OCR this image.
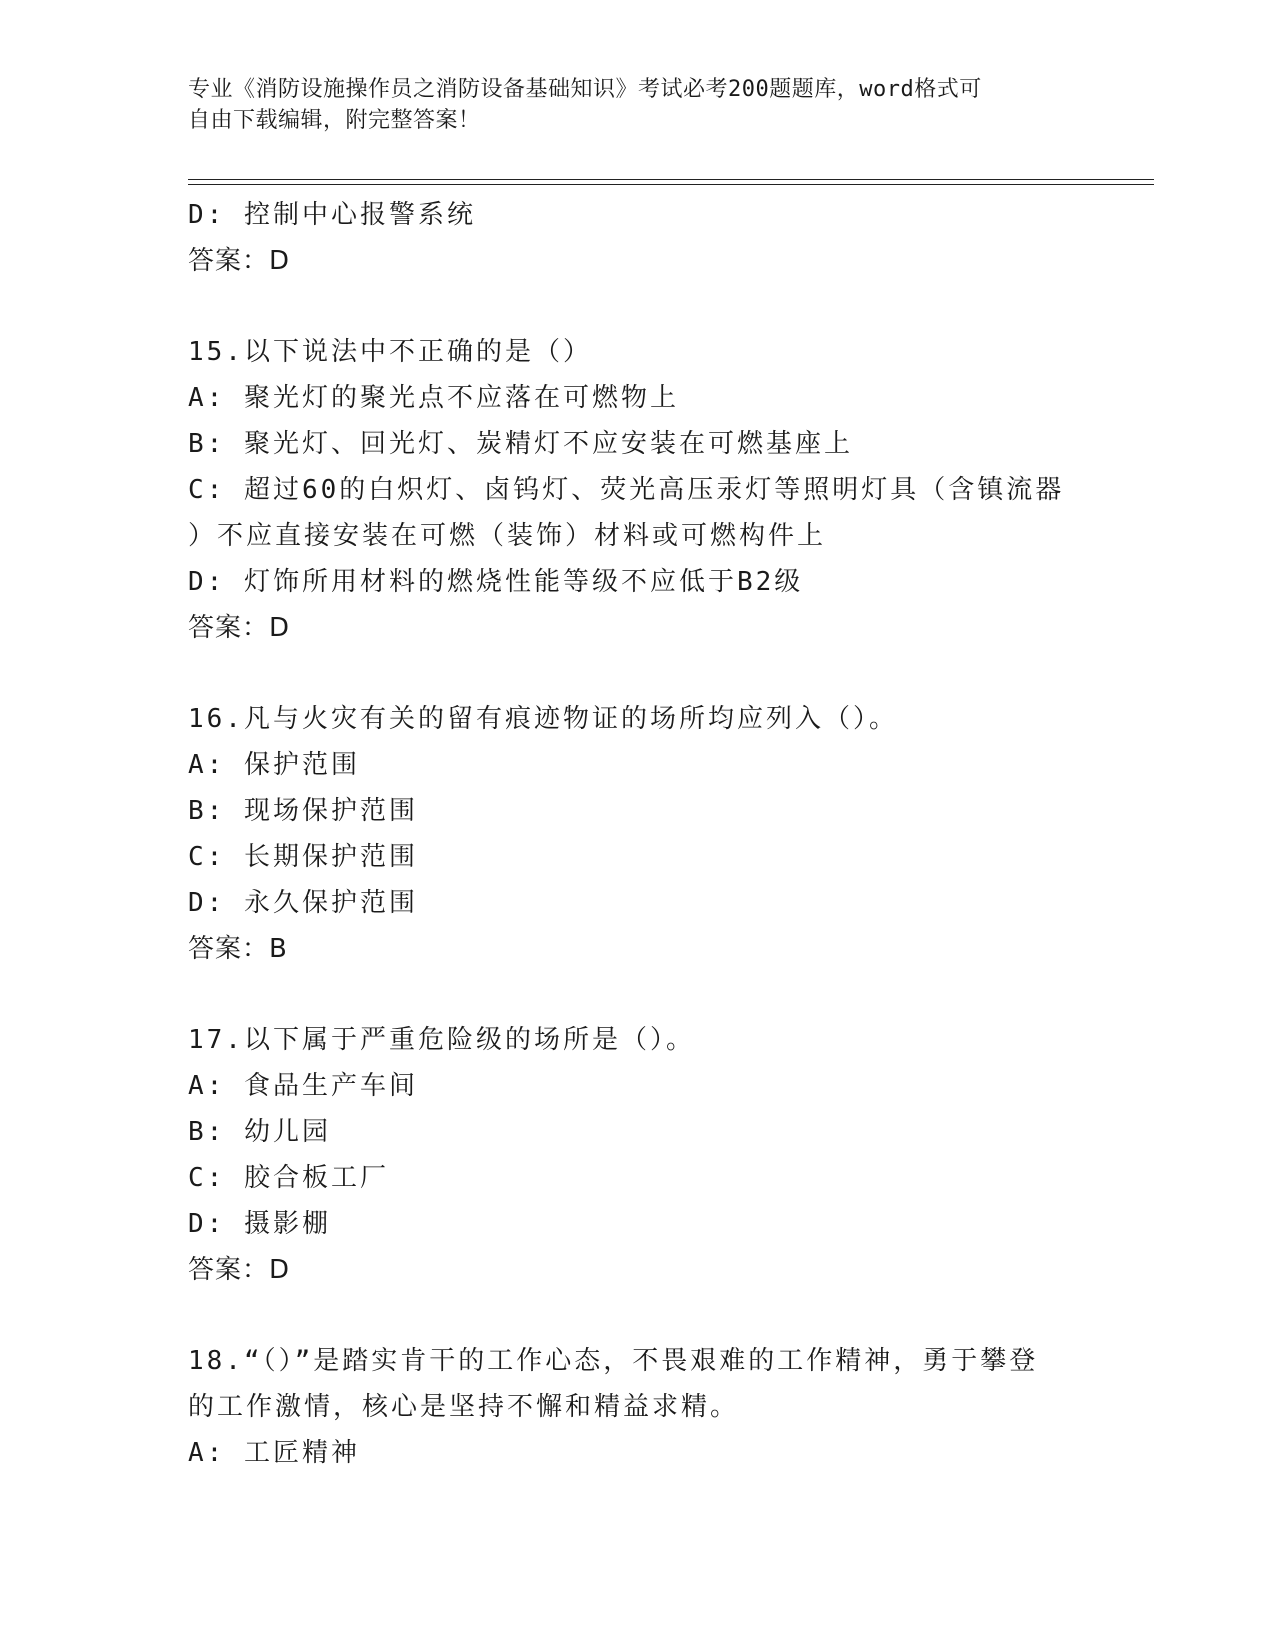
专业《消防设施操作员之消防设备基础知识》考试必考200题题库，word格式可
自由下载编辑，附完整答案！
D: 控制中心报警系统
答案：D
15.以下说法中不正确的是（）
A: 聚光灯的聚光点不应落在可燃物上
B: 聚光灯、回光灯、炭精灯不应安装在可燃基座上
C: 超过60的白炽灯、卤钨灯、荧光高压汞灯等照明灯具（含镇流器
）不应直接安装在可燃（装饰）材料或可燃构件上
D: 灯饰所用材料的燃烧性能等级不应低于B2级
答案：D
16.凡与火灾有关的留有痕迹物证的场所均应列入（）。
A: 保护范围
B: 现场保护范围
C: 长期保护范围
D: 永久保护范围
答案：B
17.以下属于严重危险级的场所是（）。
A: 食品生产车间
B: 幼儿园
C: 胶合板工厂
D: 摄影棚
答案：D
18.“（）”是踏实肯干的工作心态，不畏艰难的工作精神，勇于攀登
的工作激情，核心是坚持不懈和精益求精。
A: 工匠精神
